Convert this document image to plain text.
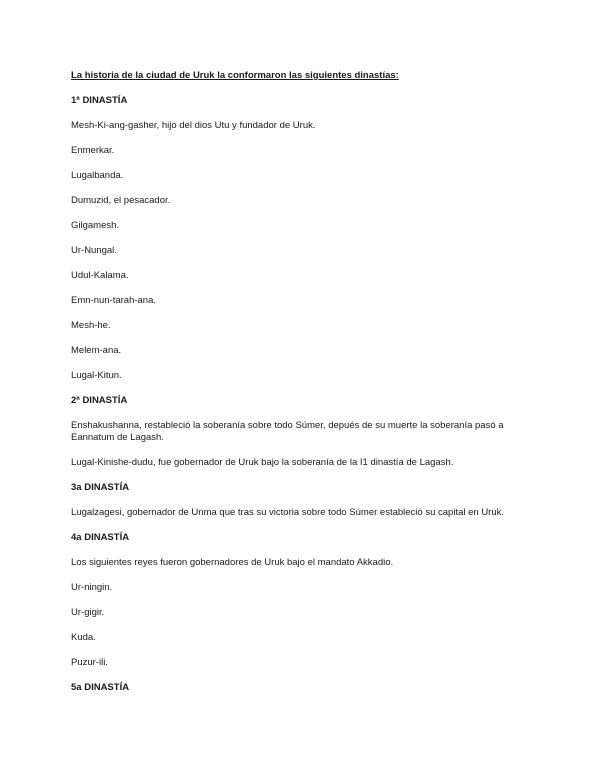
La historia de la ciudad de Uruk la conformaron las siguientes dinastías:

1ª DINASTÍA

Mesh-Ki-ang-gasher, hijo del dios Utu y fundador de Uruk.

Enmerkar.

Lugalbanda.

Dumuzid, el pesacador.

Gilgamesh.

Ur-Nungal.

Udul-Kalama.

Emn-nun-tarah-ana.

Mesh-he.

Melem-ana.

Lugal-Kitun.

2ª DINASTÍA

Enshakushanna, restableció la soberanía sobre todo Súmer, depués de su muerte la soberanía pasó a Eannatum de Lagash.

Lugal-Kinishe-dudu, fue gobernador de Uruk bajo la soberanía de la I1 dinastía de Lagash.

3a DINASTÍA

Lugalzagesi, gobernador de Unma que tras su victoria sobre todo Súmer estableció su capital en Uruk.

4a DINASTÍA

Los siguientes reyes fueron gobernadores de Uruk bajo el mandato Akkadio.

Ur-ningin.

Ur-gigir.

Kuda.

Puzur-ili.

5a DINASTÍA
